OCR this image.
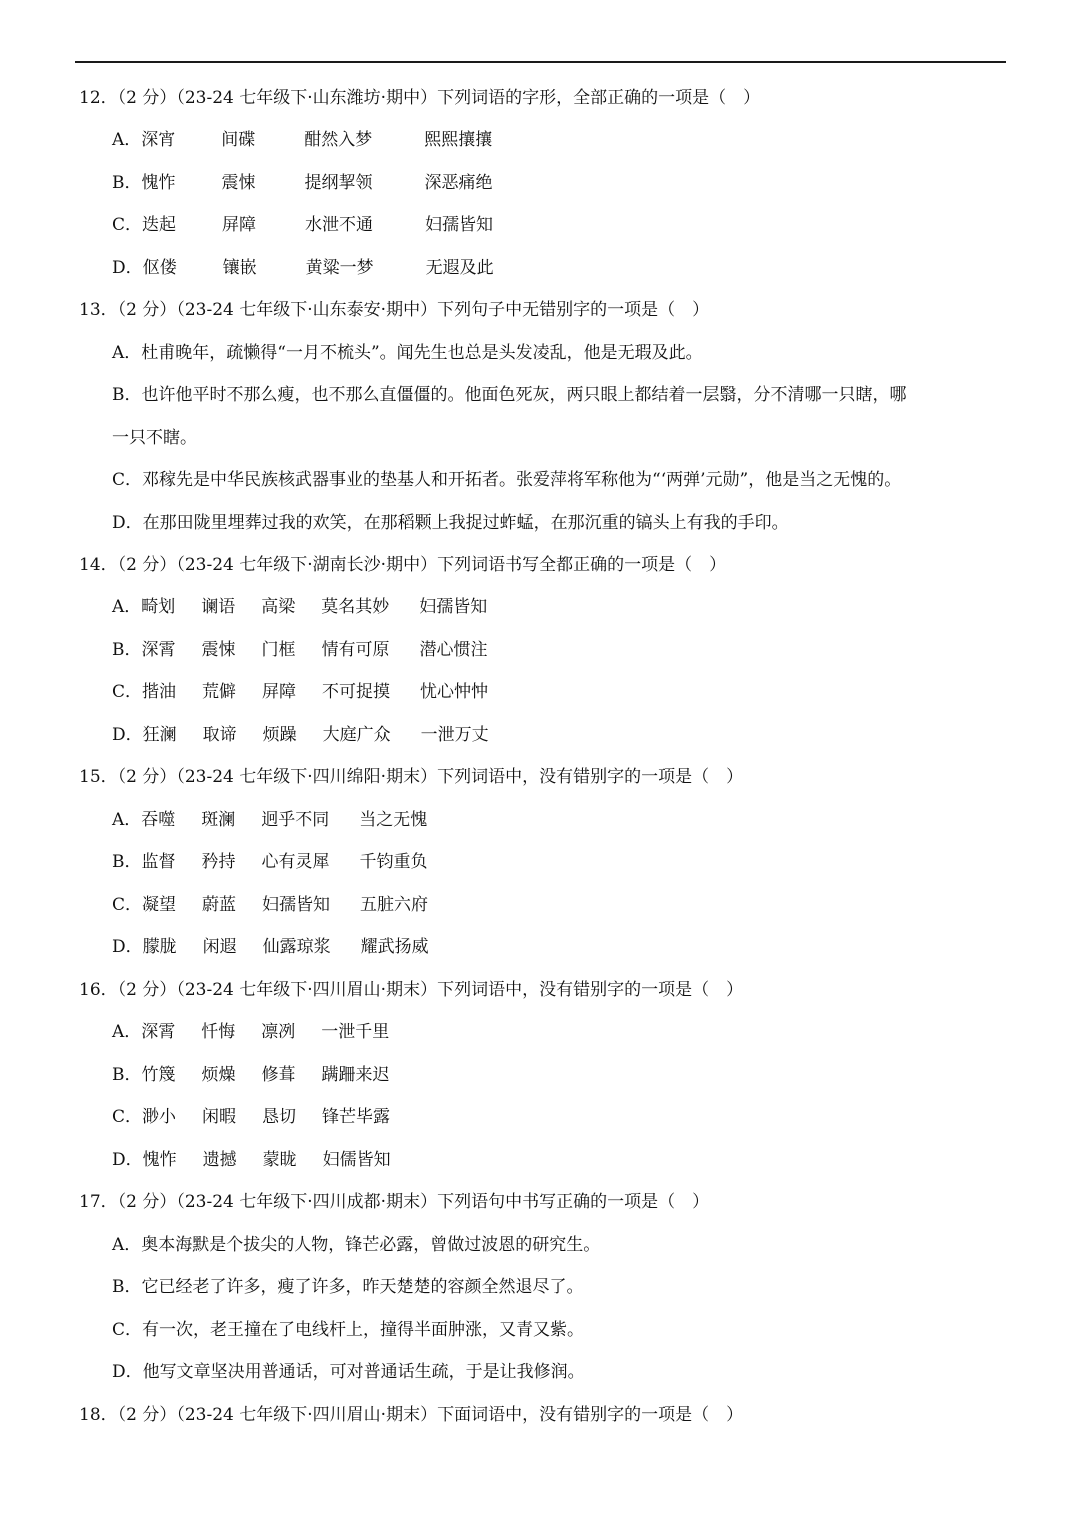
12．（2 分）（23-24 七年级下·山东潍坊·期中）下列词语的字形，全部正确的一项是（　）
A．深宵	间碟	酣然入梦	熙熙攘攘
B．愧怍	震悚	提纲挈领	深恶痛绝
C．迭起	屏障	水泄不通	妇孺皆知
D．伛偻	镶嵌	黄粱一梦	无遐及此
13．（2 分）（23-24 七年级下·山东泰安·期中）下列句子中无错别字的一项是（　）
A．杜甫晚年，疏懒得“一月不梳头”。闻先生也总是头发凌乱，他是无瑕及此。
B．也许他平时不那么瘦，也不那么直僵僵的。他面色死灰，两只眼上都结着一层翳，分不清哪一只瞎，哪
一只不瞎。
C．邓稼先是中华民族核武器事业的垫基人和开拓者。张爱萍将军称他为“‘两弹’元勋”，他是当之无愧的。
D．在那田陇里埋葬过我的欢笑，在那稻颗上我捉过蚱蜢，在那沉重的镐头上有我的手印。
14．（2 分）（23-24 七年级下·湖南长沙·期中）下列词语书写全都正确的一项是（　）
A．畸划 谰语 高梁 莫名其妙 妇孺皆知
B．深霄 震悚 门框 情有可原 潜心惯注
C．揩油 荒僻 屏障 不可捉摸 忧心忡忡
D．狂澜 取谛 烦躁 大庭广众 一泄万丈
15．（2 分）（23-24 七年级下·四川绵阳·期末）下列词语中，没有错别字的一项是（　）
A．吞噬 斑澜 迥乎不同 当之无愧
B．监督 矜持 心有灵犀 千钧重负
C．凝望 蔚蓝 妇孺皆知 五脏六府
D．朦胧 闲遐 仙露琼浆 耀武扬威
16．（2 分）（23-24 七年级下·四川眉山·期末）下列词语中，没有错别字的一项是（　）
A．深霄 忏悔 凛冽 一泄千里
B．竹篾 烦燥 修葺 蹒跚来迟
C．渺小 闲暇 恳切 锋芒毕露
D．愧怍 遗撼 蒙眬 妇儒皆知
17．（2 分）（23-24 七年级下·四川成都·期末）下列语句中书写正确的一项是（　）
A．奥本海默是个拔尖的人物，锋芒必露，曾做过波恩的研究生。
B．它已经老了许多，瘦了许多，昨天楚楚的容颜全然退尽了。
C．有一次，老王撞在了电线杆上，撞得半面肿涨，又青又紫。
D．他写文章坚决用普通话，可对普通话生疏，于是让我修润。
18．（2 分）（23-24 七年级下·四川眉山·期末）下面词语中，没有错别字的一项是（　）
